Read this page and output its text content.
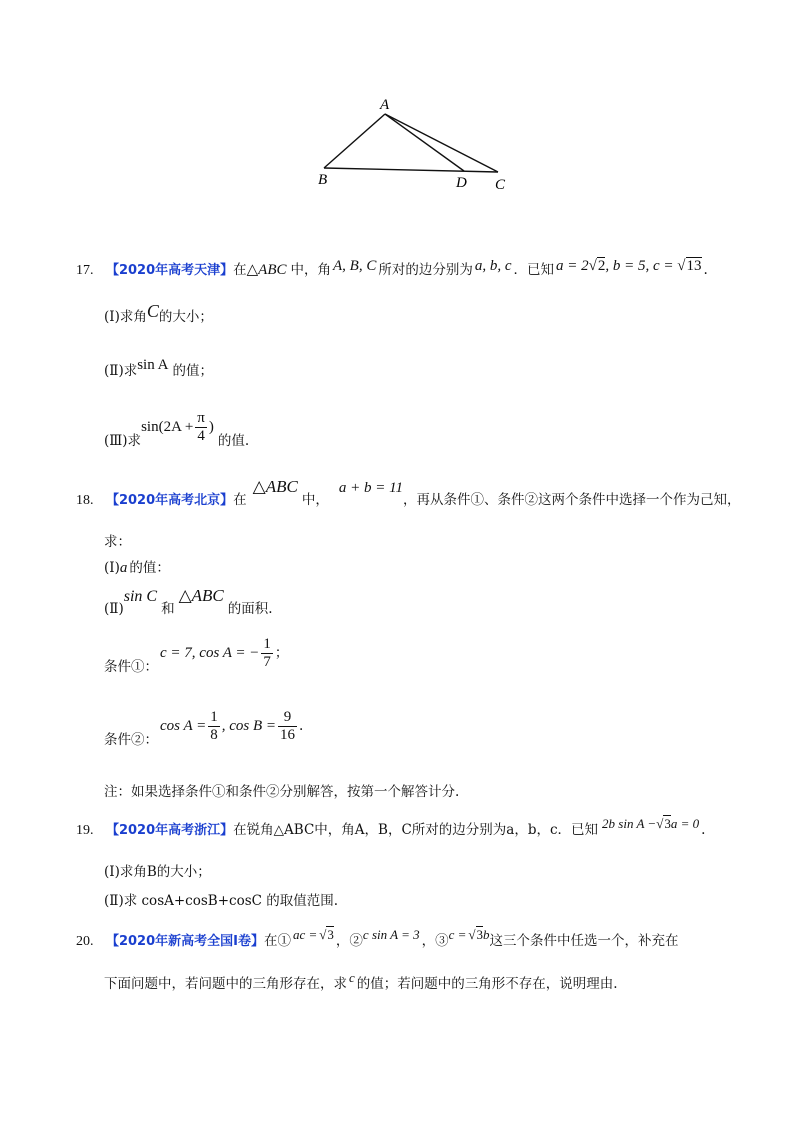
A
B	C
D
17. 【2020年高考天津】在△ABC 中，角 A, B, C 所对的边分别为 a, b, c ．已知 a = 2√2, b = 5, c = √13 .
(Ⅰ)求角C的大小；
(Ⅱ)求sin A 的值；
(Ⅲ)求$\sin(2A + \frac{\pi}{4}$ )的值.
18. 【2020年高考北京】在△ABC中，a + b = 11，再从条件①、条件②这两个条件中选择一个作为己知，
求：
(Ⅰ)a 的值：
(Ⅱ)sin C和△ABC的面积.
条件①：c = 7, cos A = − $\frac{1}{7}$ ；
条件②：$\cos A = \frac{1}{8}$ , $\cos B = \frac{9}{16}$ .
注：如果选择条件①和条件②分别解答，按第一个解答计分.
19. 【2020年高考浙江】在锐角△ABC中，角A，B，C所对的边分别为a，b，c．已知 2b sin A −√3a = 0 .
(Ⅰ)求角B的大小；
(Ⅱ)求 cosA+cosB+cosC 的取值范围.
20. 【2020年新高考全国Ⅰ卷】在① ac = √3 ，②c sin A = 3 ，③c = √3b这三个条件中任选一个，补充在
下面问题中，若问题中的三角形存在，求 c 的值；若问题中的三角形不存在，说明理由.
